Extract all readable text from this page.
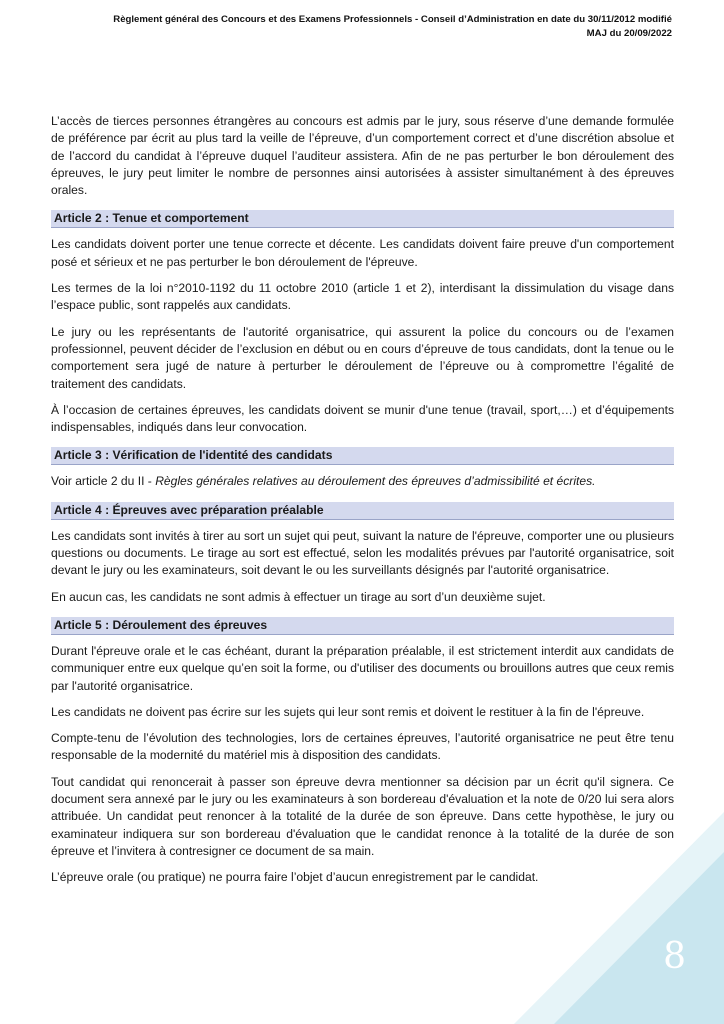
Règlement général des Concours et des Examens Professionnels - Conseil d’Administration en date du 30/11/2012 modifié
MAJ du 20/09/2022

L’accès de tierces personnes étrangères au concours est admis par le jury, sous réserve d’une demande formulée de préférence par écrit au plus tard la veille de l’épreuve, d’un comportement correct et d’une discrétion absolue et de l’accord du candidat à l’épreuve duquel l’auditeur assistera. Afin de ne pas perturber le bon déroulement des épreuves, le jury peut limiter le nombre de personnes ainsi autorisées à assister simultanément à des épreuves orales.

Article 2 : Tenue et comportement

Les candidats doivent porter une tenue correcte et décente. Les candidats doivent faire preuve d'un comportement posé et sérieux et ne pas perturber le bon déroulement de l'épreuve.

Les termes de la loi n°2010-1192 du 11 octobre 2010 (article 1 et 2), interdisant la dissimulation du visage dans l’espace public, sont rappelés aux candidats.

Le jury ou les représentants de l'autorité organisatrice, qui assurent la police du concours ou de l’examen professionnel, peuvent décider de l’exclusion en début ou en cours d’épreuve de tous candidats, dont la tenue ou le comportement sera jugé de nature à perturber le déroulement de l’épreuve ou à compromettre l’égalité de traitement des candidats.

À l’occasion de certaines épreuves, les candidats doivent se munir d'une tenue (travail, sport,…) et d’équipements indispensables, indiqués dans leur convocation.

Article 3 : Vérification de l'identité des candidats

Voir article 2 du II - Règles générales relatives au déroulement des épreuves d’admissibilité et écrites.

Article 4 : Épreuves avec préparation préalable

Les candidats sont invités à tirer au sort un sujet qui peut, suivant la nature de l'épreuve, comporter une ou plusieurs questions ou documents. Le tirage au sort est effectué, selon les modalités prévues par l'autorité organisatrice, soit devant le jury ou les examinateurs, soit devant le ou les surveillants désignés par l'autorité organisatrice.

En aucun cas, les candidats ne sont admis à effectuer un tirage au sort d’un deuxième sujet.

Article 5 : Déroulement des épreuves

Durant l'épreuve orale et le cas échéant, durant la préparation préalable, il est strictement interdit aux candidats de communiquer entre eux quelque qu’en soit la forme, ou d'utiliser des documents ou brouillons autres que ceux remis par l'autorité organisatrice.

Les candidats ne doivent pas écrire sur les sujets qui leur sont remis et doivent le restituer à la fin de l'épreuve.

Compte-tenu de l’évolution des technologies, lors de certaines épreuves, l’autorité organisatrice ne peut être tenu responsable de la modernité du matériel mis à disposition des candidats.

Tout candidat qui renoncerait à passer son épreuve devra mentionner sa décision par un écrit qu'il signera. Ce document sera annexé par le jury ou les examinateurs à son bordereau d'évaluation et la note de 0/20 lui sera alors attribuée. Un candidat peut renoncer à la totalité de la durée de son épreuve. Dans cette hypothèse, le jury ou examinateur indiquera sur son bordereau d'évaluation que le candidat renonce à la totalité de la durée de son épreuve et l’invitera à contresigner ce document de sa main.

L’épreuve orale (ou pratique) ne pourra faire l’objet d’aucun enregistrement par le candidat.

8
